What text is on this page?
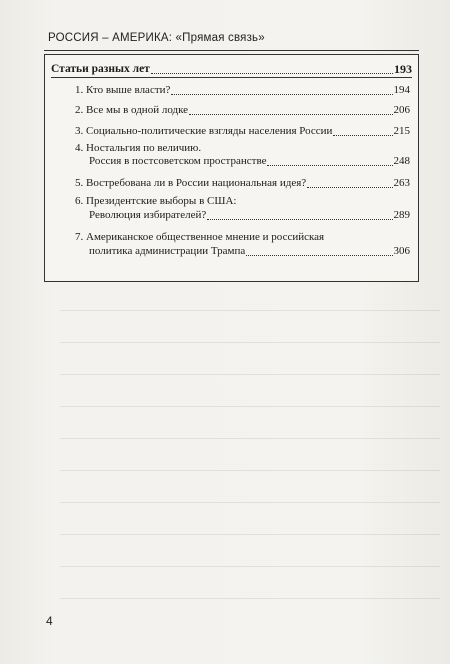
РОССИЯ – АМЕРИКА: «Прямая связь»
Статьи разных лет	193
1. Кто выше власти?	194
2. Все мы в одной лодке	206
3. Социально-политические взгляды населения России	215
4. Ностальгия по величию.
Россия в постсоветском пространстве	248
5. Востребована ли в России национальная идея?	263
6. Президентские выборы в США:
Революция избирателей?	289
7. Американское общественное мнение и российская
политика администрации Трампа	306
4
